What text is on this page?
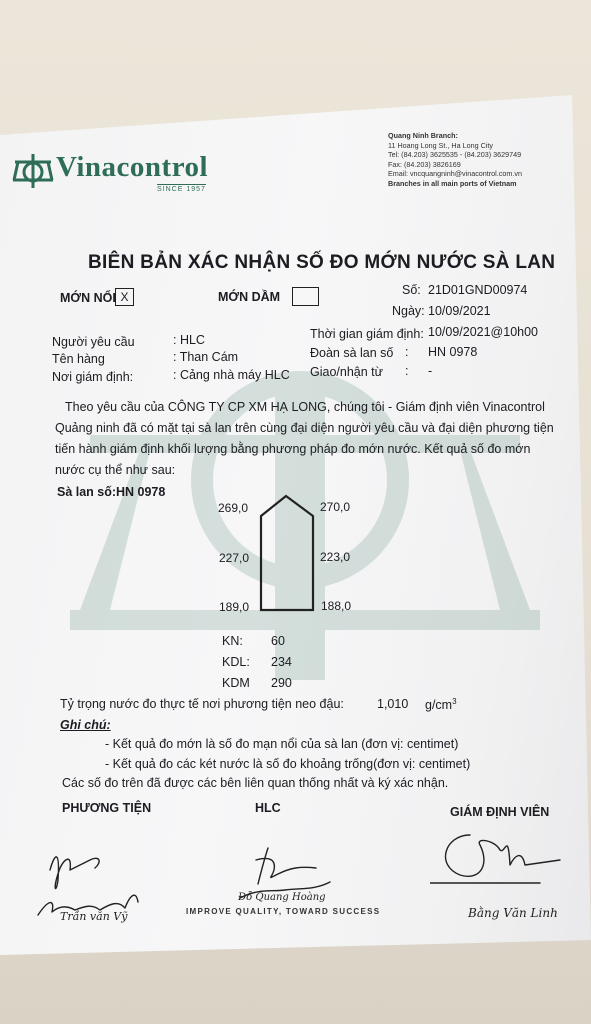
Vinacontrol
SINCE 1957
Quang Ninh Branch:
11 Hoang Long St., Ha Long City
Tel: (84.203) 3625535 - (84.203) 3629749
Fax: (84.203) 3826169
Email: vncquangninh@vinacontrol.com.vn
Branches in all main ports of Vietnam
BIÊN BẢN XÁC NHẬN SỐ ĐO MỚN NƯỚC SÀ LAN
MỚN NỔI X	MỚN DẦM	Số: 21D01GND00974
Ngày: 10/09/2021
Người yêu cầu	: HLC
Tên hàng	: Than Cám
Nơi giám định:	: Cảng nhà máy HLC
Thời gian giám định: 10/09/2021@10h00
Đoàn sà lan số : HN 0978
Giao/nhận từ : -
Theo yêu cầu của CÔNG TY CP XM HẠ LONG, chúng tôi - Giám định viên Vinacontrol Quảng ninh đã có mặt tại sà lan trên cùng đại diện người yêu cầu và đại diện phương tiện tiến hành giám định khối lượng bằng phương pháp đo mớn nước. Kết quả số đo mớn nước cụ thể như sau:
Sà lan số: HN 0978
269,0	270,0
227,0	223,0
189,0	188,0
KN: 60
KDL: 234
KDM 290
Tỷ trọng nước đo thực tế nơi phương tiện neo đậu:	1,010 $g/cm^3$
Ghi chú:
- Kết quả đo mớn là số đo mạn nổi của sà lan (đơn vị: centimet)
- Kết quả đo các két nước là số đo khoảng trống(đơn vị: centimet)
Các số đo trên đã được các bên liên quan thống nhất và ký xác nhận.
PHƯƠNG TIỆN	HLC	GIÁM ĐỊNH VIÊN
Trần văn Vỹ
Đỗ Quang Hoàng
Bằng Văn Linh
IMPROVE QUALITY, TOWARD SUCCESS
